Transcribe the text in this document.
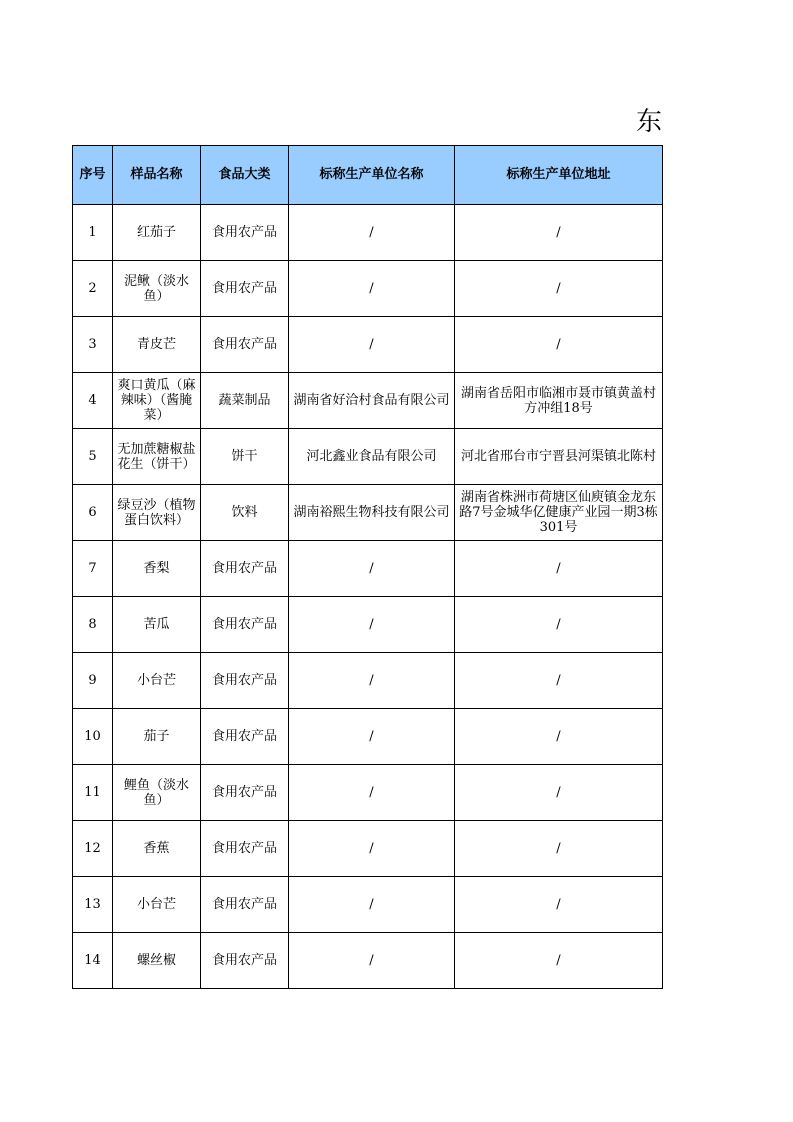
东
序号	样品名称	食品大类	标称生产单位名称	标称生产单位地址
1	红茄子	食用农产品	/	/
2	泥鳅（淡水鱼）	食用农产品	/	/
3	青皮芒	食用农产品	/	/
4	爽口黄瓜（麻辣味）（酱腌菜）	蔬菜制品	湖南省好洽村食品有限公司	湖南省岳阳市临湘市聂市镇黄盖村方冲组18号
5	无加蔗糖椒盐花生（饼干）	饼干	河北鑫业食品有限公司	河北省邢台市宁晋县河渠镇北陈村
6	绿豆沙（植物蛋白饮料）	饮料	湖南裕熙生物科技有限公司	湖南省株洲市荷塘区仙庾镇金龙东路7号金城华亿健康产业园一期3栋301号
7	香梨	食用农产品	/	/
8	苦瓜	食用农产品	/	/
9	小台芒	食用农产品	/	/
10	茄子	食用农产品	/	/
11	鲤鱼（淡水鱼）	食用农产品	/	/
12	香蕉	食用农产品	/	/
13	小台芒	食用农产品	/	/
14	螺丝椒	食用农产品	/	/
